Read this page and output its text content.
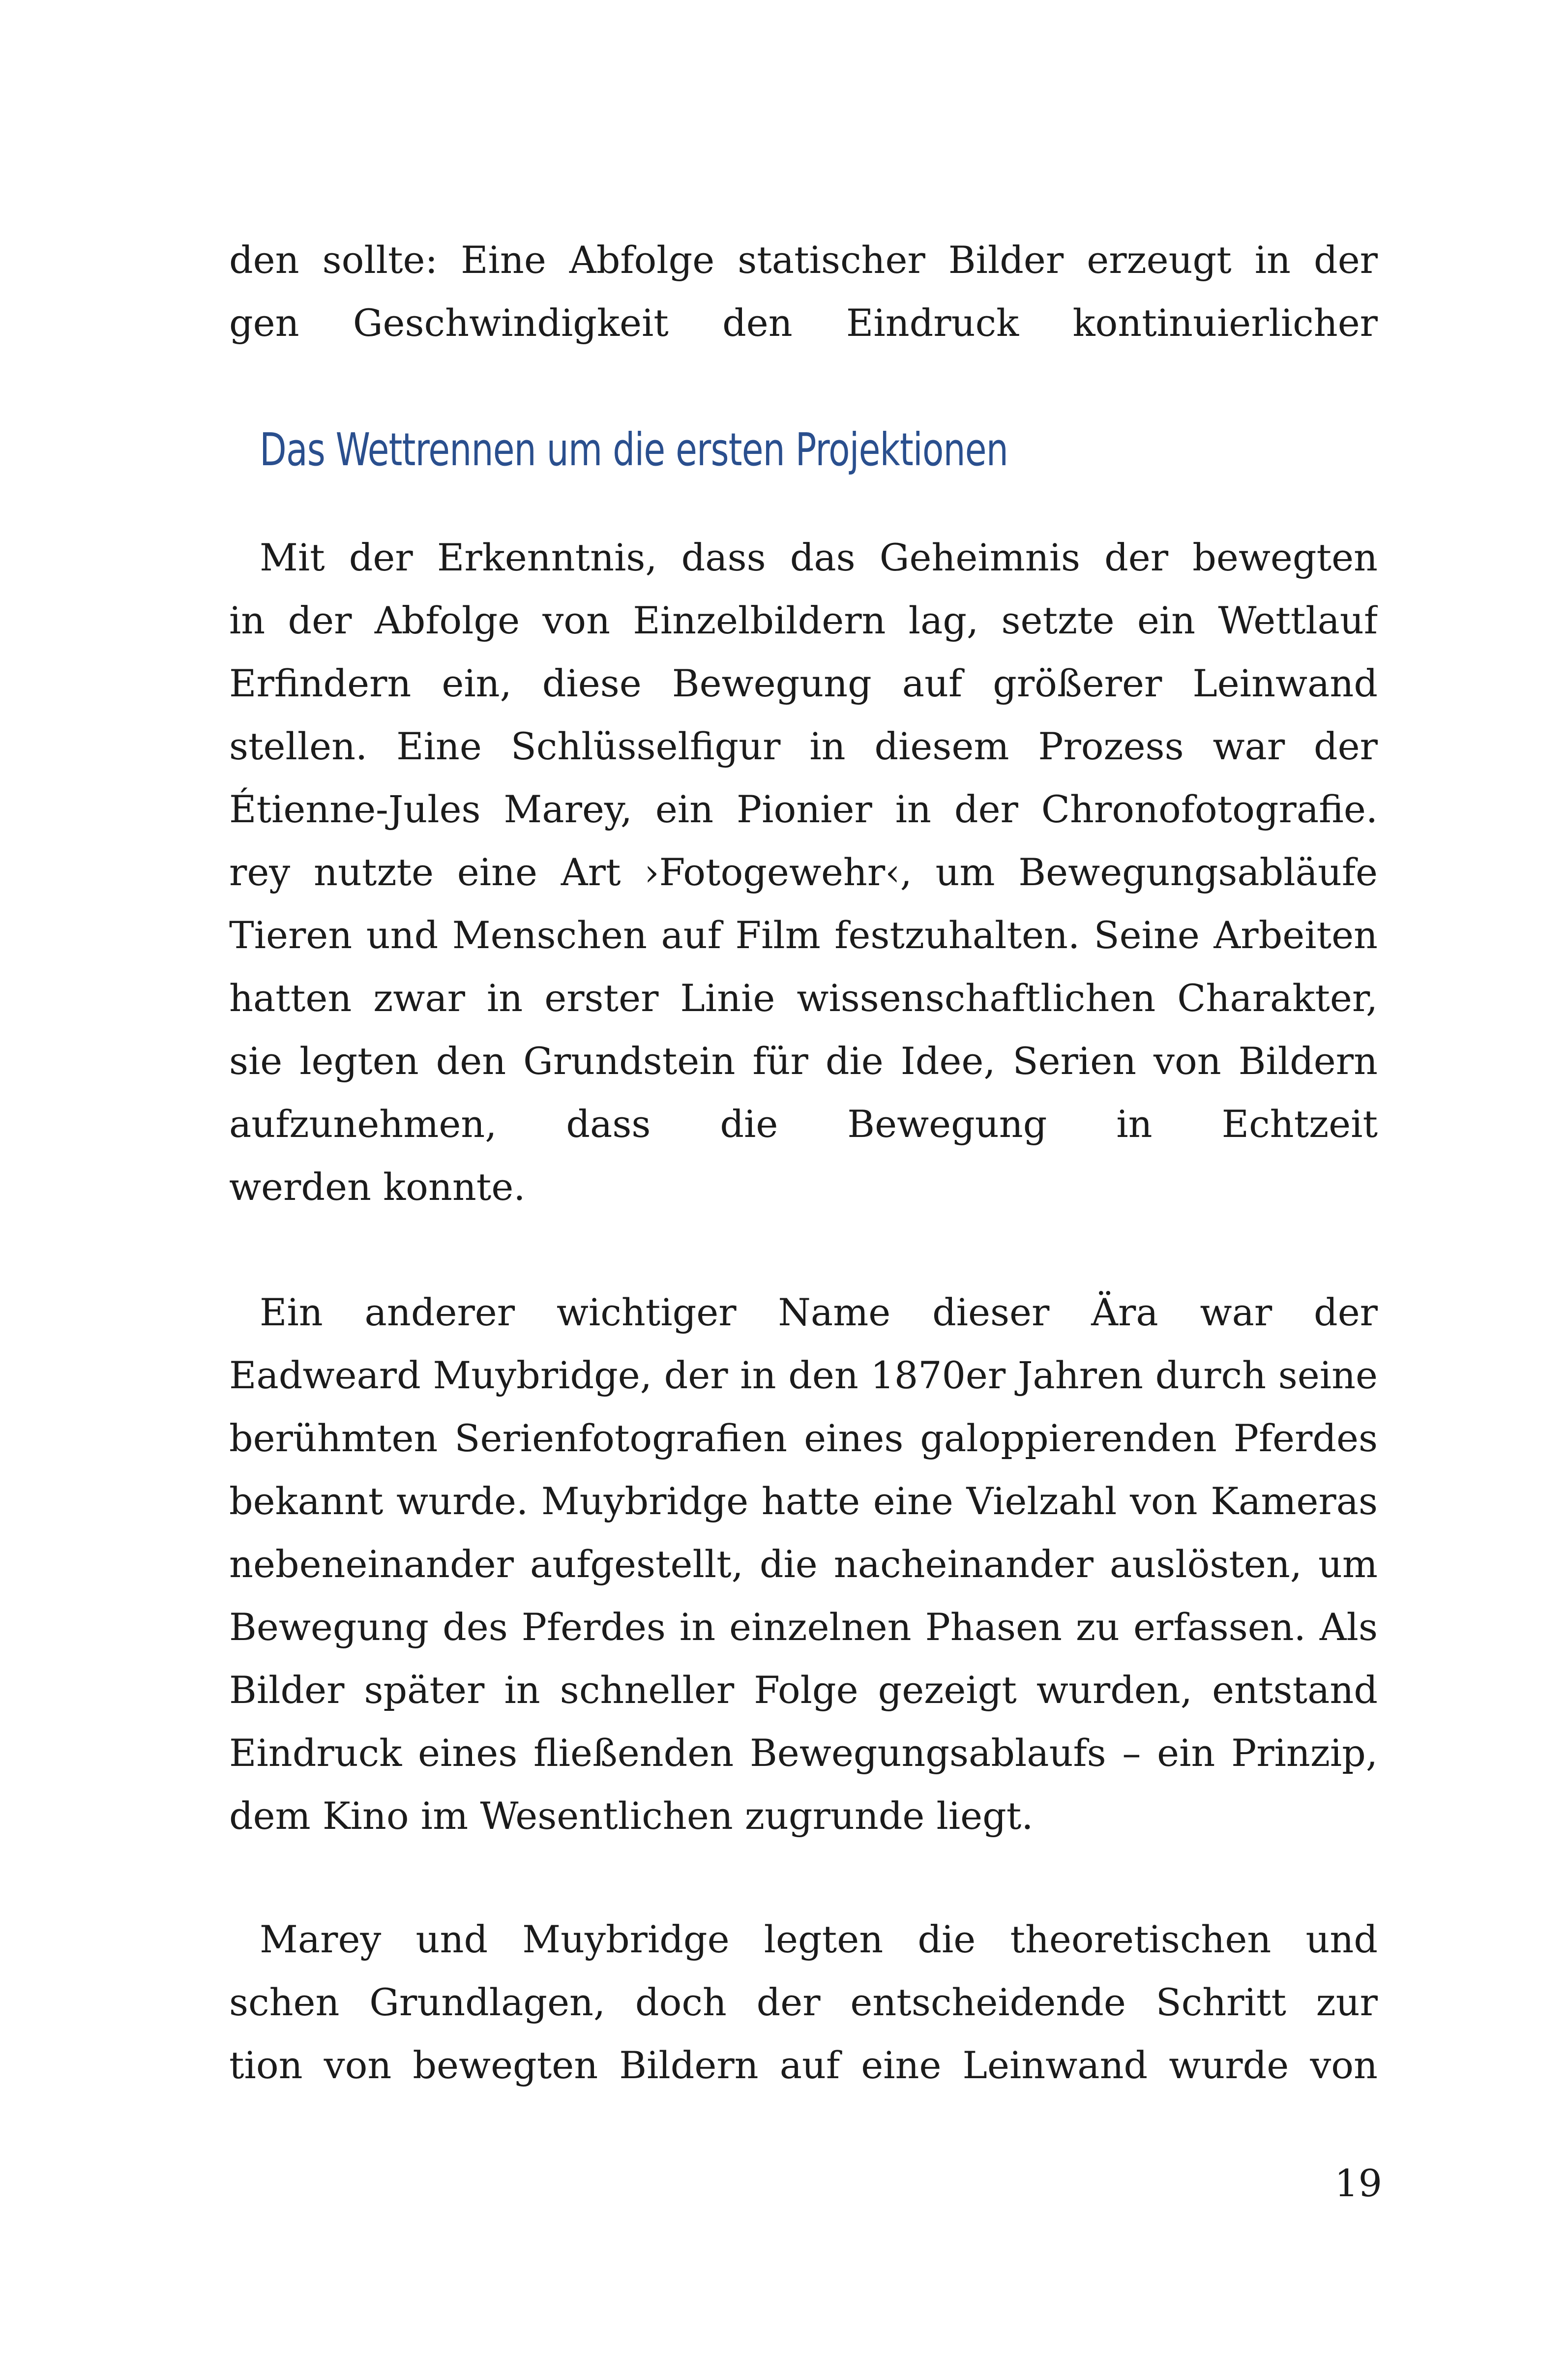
den sollte: Eine Abfolge statischer Bilder erzeugt in der
gen Geschwindigkeit den Eindruck kontinuierlicher
Das Wettrennen um die ersten Projektionen
Mit der Erkenntnis, dass das Geheimnis der bewegten
in der Abfolge von Einzelbildern lag, setzte ein Wettlauf
Erfindern ein, diese Bewegung auf größerer Leinwand
stellen. Eine Schlüsselfigur in diesem Prozess war der
Étienne-Jules Marey, ein Pionier in der Chronofotografie.
rey nutzte eine Art ›Fotogewehr‹, um Bewegungsabläufe
Tieren und Menschen auf Film festzuhalten. Seine Arbeiten
hatten zwar in erster Linie wissenschaftlichen Charakter,
sie legten den Grundstein für die Idee, Serien von Bildern
aufzunehmen, dass die Bewegung in Echtzeit
werden konnte.
Ein anderer wichtiger Name dieser Ära war der
Eadweard Muybridge, der in den 1870er Jahren durch seine
berühmten Serienfotografien eines galoppierenden Pferdes
bekannt wurde. Muybridge hatte eine Vielzahl von Kameras
nebeneinander aufgestellt, die nacheinander auslösten, um
Bewegung des Pferdes in einzelnen Phasen zu erfassen. Als
Bilder später in schneller Folge gezeigt wurden, entstand
Eindruck eines fließenden Bewegungsablaufs – ein Prinzip,
dem Kino im Wesentlichen zugrunde liegt.
Marey und Muybridge legten die theoretischen und
schen Grundlagen, doch der entscheidende Schritt zur
tion von bewegten Bildern auf eine Leinwand wurde von
19
